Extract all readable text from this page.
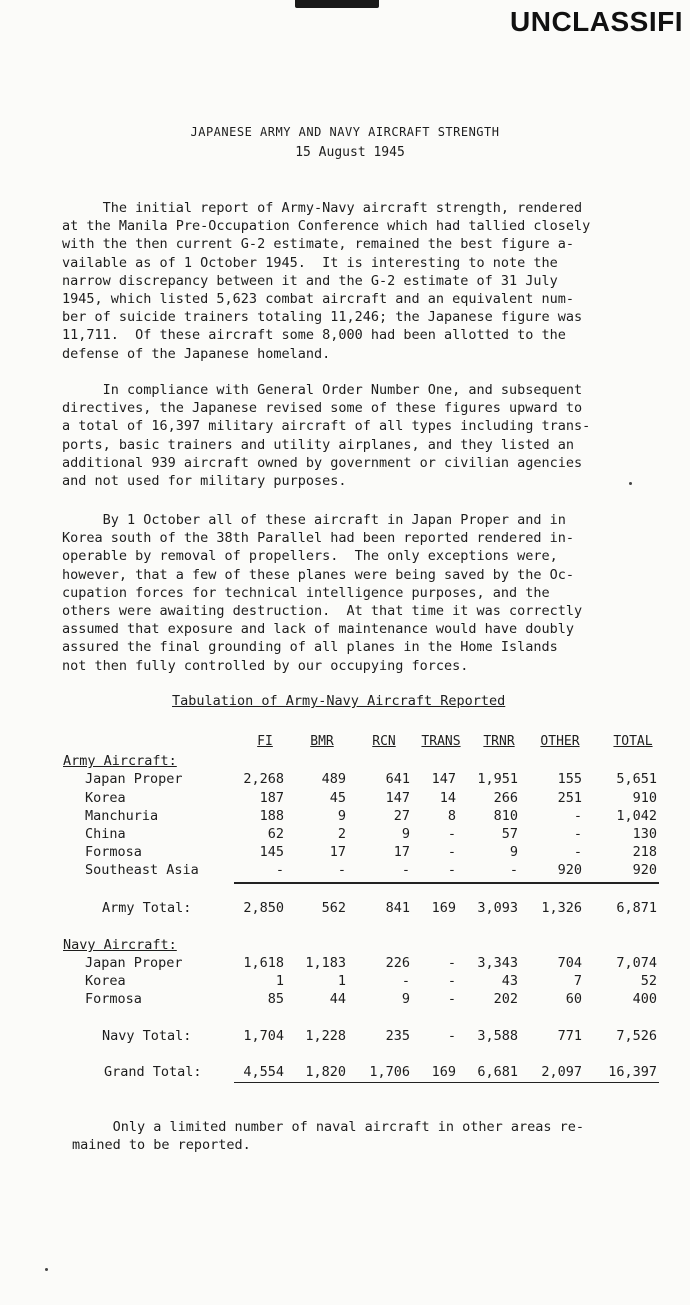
UNCLASSIFI
JAPANESE ARMY AND NAVY AIRCRAFT STRENGTH
15 August 1945
The initial report of Army-Navy aircraft strength, rendered
at the Manila Pre-Occupation Conference which had tallied closely
with the then current G-2 estimate, remained the best figure a-
vailable as of 1 October 1945.  It is interesting to note the
narrow discrepancy between it and the G-2 estimate of 31 July
1945, which listed 5,623 combat aircraft and an equivalent num-
ber of suicide trainers totaling 11,246; the Japanese figure was
11,711.  Of these aircraft some 8,000 had been allotted to the
defense of the Japanese homeland.
In compliance with General Order Number One, and subsequent
directives, the Japanese revised some of these figures upward to
a total of 16,397 military aircraft of all types including trans-
ports, basic trainers and utility airplanes, and they listed an
additional 939 aircraft owned by government or civilian agencies
and not used for military purposes.
By 1 October all of these aircraft in Japan Proper and in
Korea south of the 38th Parallel had been reported rendered in-
operable by removal of propellers.  The only exceptions were,
however, that a few of these planes were being saved by the Oc-
cupation forces for technical intelligence purposes, and the
others were awaiting destruction.  At that time it was correctly
assumed that exposure and lack of maintenance would have doubly
assured the final grounding of all planes in the Home Islands
not then fully controlled by our occupying forces.
Tabulation of Army-Navy Aircraft Reported
FI	BMR	RCN	TRANS	TRNR	OTHER	TOTAL
Army Aircraft:
Japan Proper	2,268	489	641	147	1,951	155	5,651
Korea	187	45	147	14	266	251	910
Manchuria	188	9	27	8	810	-	1,042
China	62	2	9	-	57	-	130
Formosa	145	17	17	-	9	-	218
Southeast Asia	-	-	-	-	-	920	920
Army Total:	2,850	562	841	169	3,093	1,326	6,871
Navy Aircraft:
Japan Proper	1,618	1,183	226	-	3,343	704	7,074
Korea	1	1	-	-	43	7	52
Formosa	85	44	9	-	202	60	400
Navy Total:	1,704	1,228	235	-	3,588	771	7,526
Grand Total:	4,554	1,820	1,706	169	6,681	2,097	16,397
Only a limited number of naval aircraft in other areas re-
mained to be reported.
